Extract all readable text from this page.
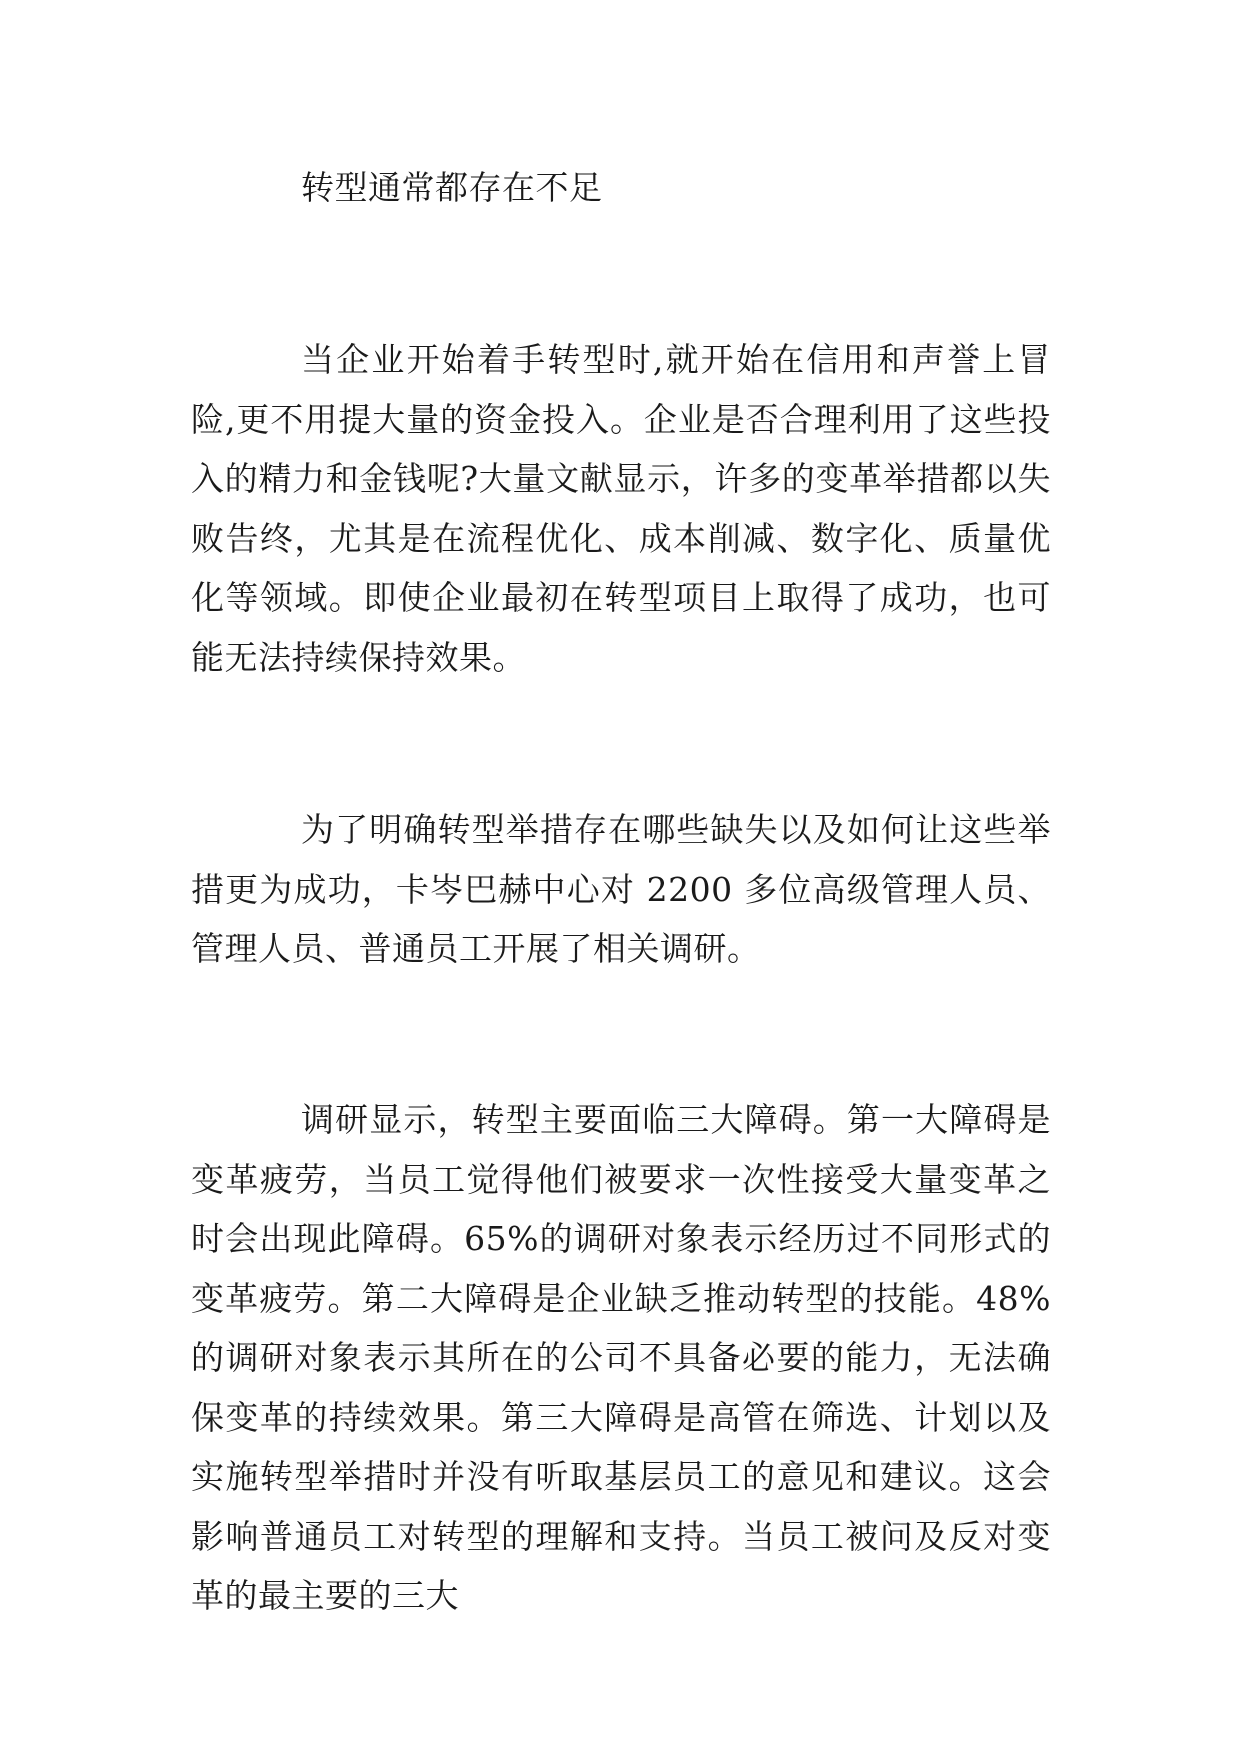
转型通常都存在不足

当企业开始着手转型时,就开始在信用和声誉上冒险,更不用提大量的资金投入。企业是否合理利用了这些投入的精力和金钱呢?大量文献显示，许多的变革举措都以失败告终，尤其是在流程优化、成本削减、数字化、质量优化等领域。即使企业最初在转型项目上取得了成功，也可能无法持续保持效果。

为了明确转型举措存在哪些缺失以及如何让这些举措更为成功，卡岑巴赫中心对 2200 多位高级管理人员、管理人员、普通员工开展了相关调研。

调研显示，转型主要面临三大障碍。第一大障碍是变革疲劳，当员工觉得他们被要求一次性接受大量变革之时会出现此障碍。65%的调研对象表示经历过不同形式的变革疲劳。第二大障碍是企业缺乏推动转型的技能。48%的调研对象表示其所在的公司不具备必要的能力，无法确保变革的持续效果。第三大障碍是高管在筛选、计划以及实施转型举措时并没有听取基层员工的意见和建议。这会影响普通员工对转型的理解和支持。当员工被问及反对变革的最主要的三大
